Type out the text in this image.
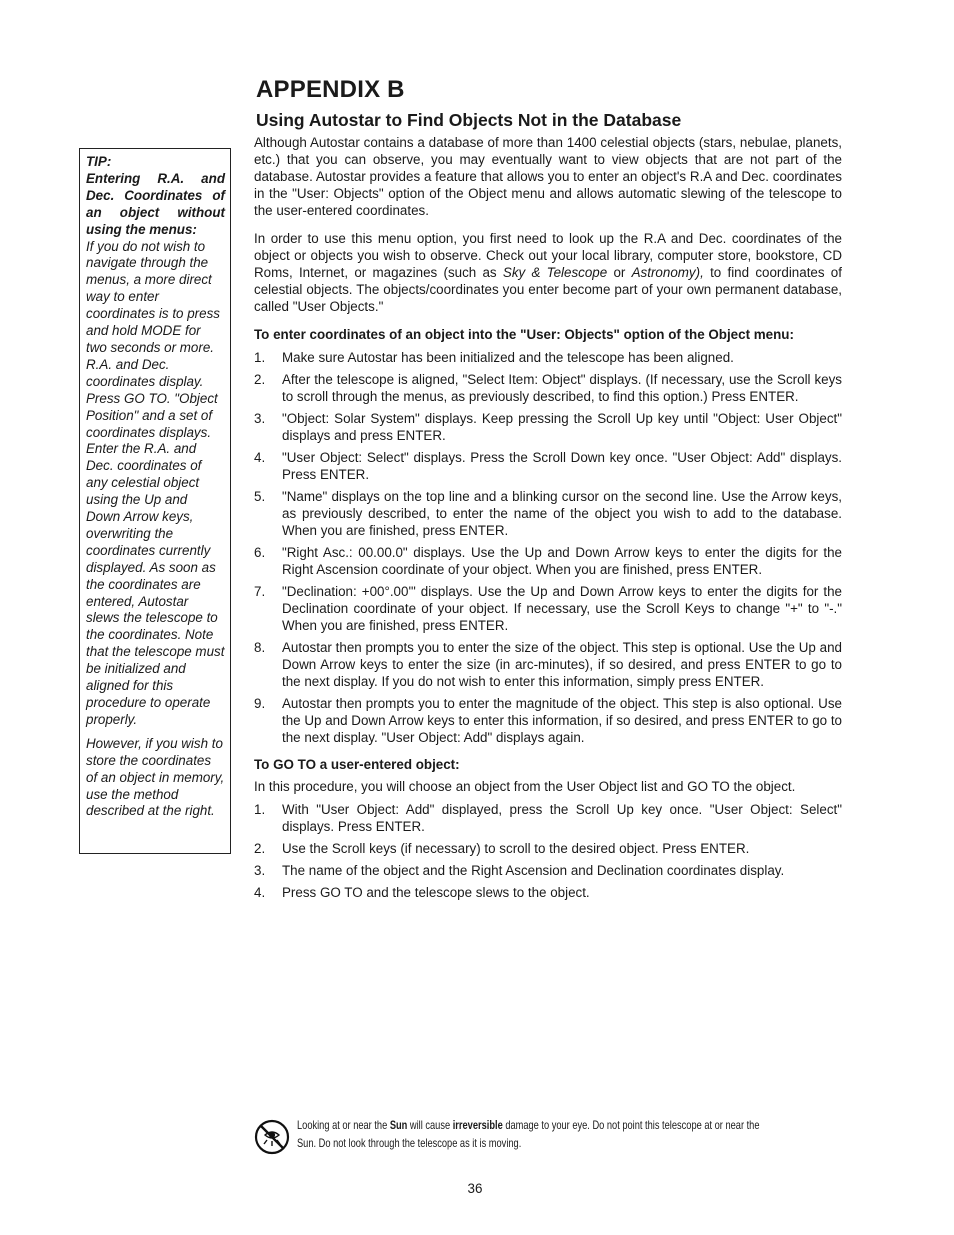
APPENDIX B
Using Autostar to Find Objects Not in the Database
TIP:
Entering R.A. and Dec. Coordinates of an object without using the menus:

If you do not wish to navigate through the menus, a more direct way to enter coordinates is to press and hold MODE for two seconds or more. R.A. and Dec. coordinates display. Press GO TO. "Object Position" and a set of coordinates displays. Enter the R.A. and Dec. coordinates of any celestial object using the Up and Down Arrow keys, overwriting the coordinates currently displayed. As soon as the coordinates are entered, Autostar slews the telescope to the coordinates. Note that the telescope must be initialized and aligned for this procedure to operate properly.

However, if you wish to store the coordinates of an object in memory, use the method described at the right.

Although Autostar contains a database of more than 1400 celestial objects (stars, nebulae, planets, etc.) that you can observe, you may eventually want to view objects that are not part of the database. Autostar provides a feature that allows you to enter an object's R.A and Dec. coordinates in the "User: Objects" option of the Object menu and allows automatic slewing of the telescope to the user-entered coordinates.

In order to use this menu option, you first need to look up the R.A and Dec. coordinates of the object or objects you wish to observe. Check out your local library, computer store, bookstore, CD Roms, Internet, or magazines (such as Sky & Telescope or Astronomy), to find coordinates of celestial objects. The objects/coordinates you enter become part of your own permanent database, called "User Objects."

To enter coordinates of an object into the "User: Objects" option of the Object menu:

1. Make sure Autostar has been initialized and the telescope has been aligned.
2. After the telescope is aligned, "Select Item: Object" displays. (If necessary, use the Scroll keys to scroll through the menus, as previously described, to find this option.) Press ENTER.
3. "Object: Solar System" displays. Keep pressing the Scroll Up key until "Object: User Object" displays and press ENTER.
4. "User Object: Select" displays. Press the Scroll Down key once. "User Object: Add" displays. Press ENTER.
5. "Name" displays on the top line and a blinking cursor on the second line. Use the Arrow keys, as previously described, to enter the name of the object you wish to add to the database. When you are finished, press ENTER.
6. "Right Asc.: 00.00.0" displays. Use the Up and Down Arrow keys to enter the digits for the Right Ascension coordinate of your object. When you are finished, press ENTER.
7. "Declination: +00°.00'" displays. Use the Up and Down Arrow keys to enter the digits for the Declination coordinate of your object. If necessary, use the Scroll Keys to change "+" to "-." When you are finished, press ENTER.
8. Autostar then prompts you to enter the size of the object. This step is optional. Use the Up and Down Arrow keys to enter the size (in arc-minutes), if so desired, and press ENTER to go to the next display. If you do not wish to enter this information, simply press ENTER.
9. Autostar then prompts you to enter the magnitude of the object. This step is also optional. Use the Up and Down Arrow keys to enter this information, if so desired, and press ENTER to go to the next display. "User Object: Add" displays again.

To GO TO a user-entered object:

In this procedure, you will choose an object from the User Object list and GO TO the object.

1. With "User Object: Add" displayed, press the Scroll Up key once. "User Object: Select" displays. Press ENTER.
2. Use the Scroll keys (if necessary) to scroll to the desired object. Press ENTER.
3. The name of the object and the Right Ascension and Declination coordinates display.
4. Press GO TO and the telescope slews to the object.
Looking at or near the Sun will cause irreversible damage to your eye. Do not point this telescope at or near the
Sun. Do not look through the telescope as it is moving.

36
